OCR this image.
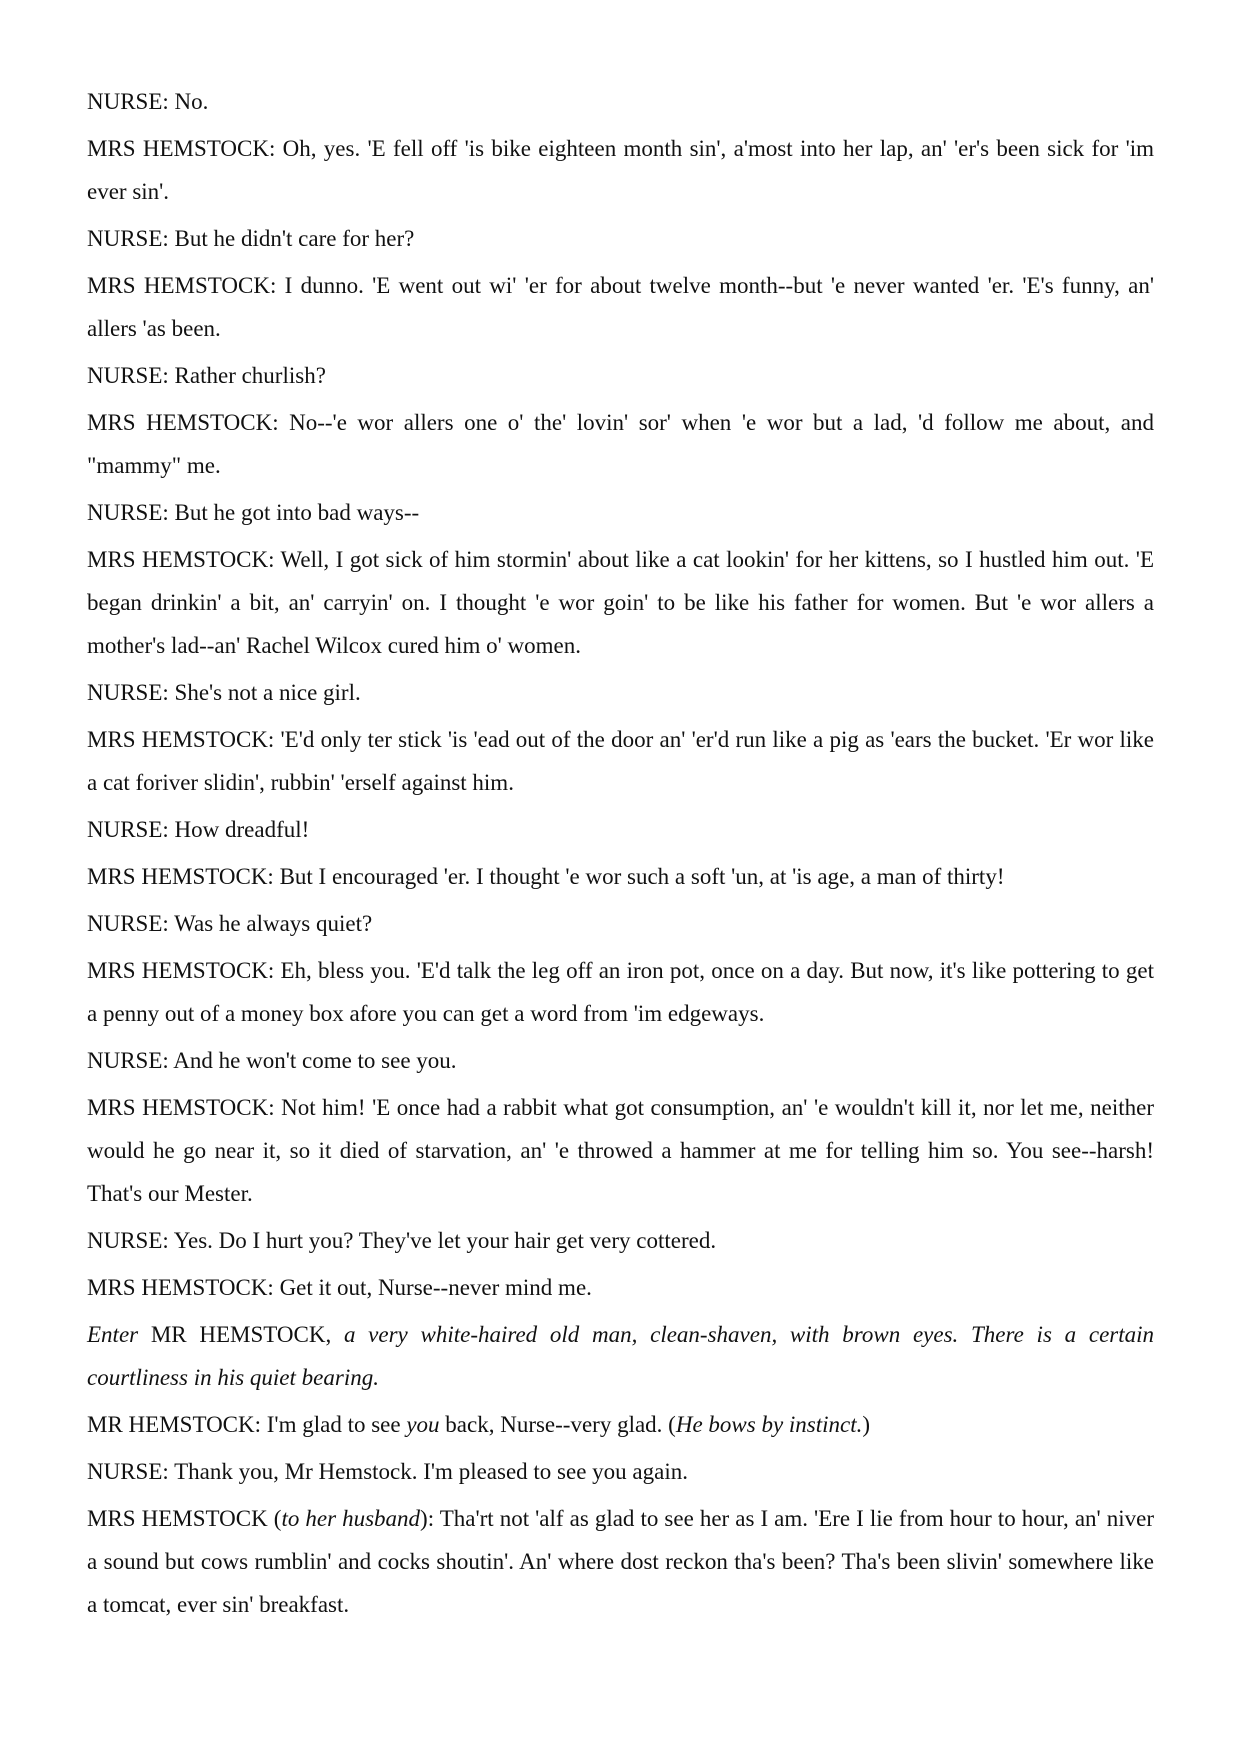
NURSE: No.

MRS HEMSTOCK: Oh, yes. 'E fell off 'is bike eighteen month sin', a'most into her lap, an' 'er's been sick for 'im ever sin'.

NURSE: But he didn't care for her?

MRS HEMSTOCK: I dunno. 'E went out wi' 'er for about twelve month--but 'e never wanted 'er. 'E's funny, an' allers 'as been.

NURSE: Rather churlish?

MRS HEMSTOCK: No--'e wor allers one o' the' lovin' sor' when 'e wor but a lad, 'd follow me about, and "mammy" me.

NURSE: But he got into bad ways--

MRS HEMSTOCK: Well, I got sick of him stormin' about like a cat lookin' for her kittens, so I hustled him out. 'E began drinkin' a bit, an' carryin' on. I thought 'e wor goin' to be like his father for women. But 'e wor allers a mother's lad--an' Rachel Wilcox cured him o' women.

NURSE: She's not a nice girl.

MRS HEMSTOCK: 'E'd only ter stick 'is 'ead out of the door an' 'er'd run like a pig as 'ears the bucket. 'Er wor like a cat foriver slidin', rubbin' 'erself against him.

NURSE: How dreadful!

MRS HEMSTOCK: But I encouraged 'er. I thought 'e wor such a soft 'un, at 'is age, a man of thirty!

NURSE: Was he always quiet?

MRS HEMSTOCK: Eh, bless you. 'E'd talk the leg off an iron pot, once on a day. But now, it's like pottering to get a penny out of a money box afore you can get a word from 'im edgeways.

NURSE: And he won't come to see you.

MRS HEMSTOCK: Not him! 'E once had a rabbit what got consumption, an' 'e wouldn't kill it, nor let me, neither would he go near it, so it died of starvation, an' 'e throwed a hammer at me for telling him so. You see--harsh! That's our Mester.

NURSE: Yes. Do I hurt you? They've let your hair get very cottered.

MRS HEMSTOCK: Get it out, Nurse--never mind me.

Enter MR HEMSTOCK, a very white-haired old man, clean-shaven, with brown eyes. There is a certain courtliness in his quiet bearing.

MR HEMSTOCK: I'm glad to see you back, Nurse--very glad. (He bows by instinct.)

NURSE: Thank you, Mr Hemstock. I'm pleased to see you again.

MRS HEMSTOCK (to her husband): Tha'rt not 'alf as glad to see her as I am. 'Ere I lie from hour to hour, an' niver a sound but cows rumblin' and cocks shoutin'. An' where dost reckon tha's been? Tha's been slivin' somewhere like a tomcat, ever sin' breakfast.
